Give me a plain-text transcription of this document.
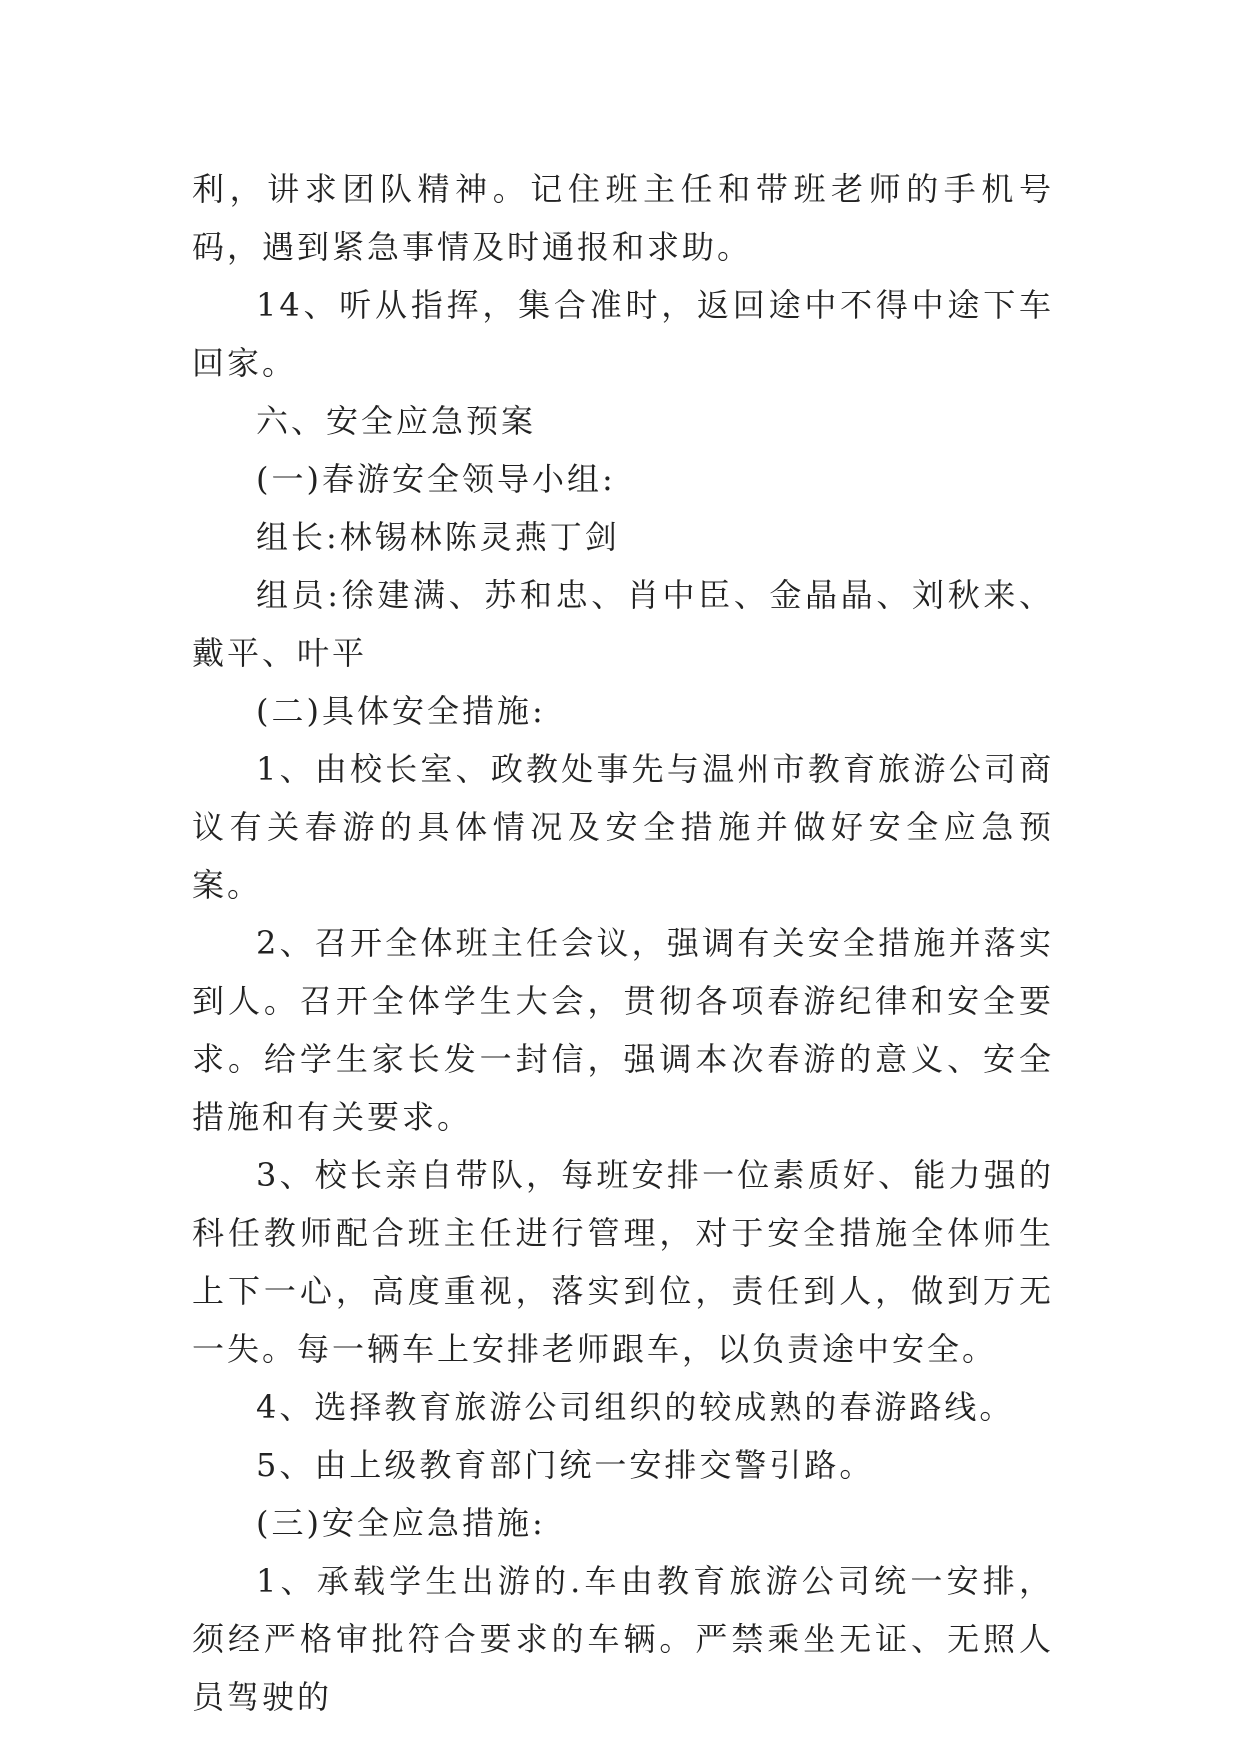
利，讲求团队精神。记住班主任和带班老师的手机号码，遇到紧急事情及时通报和求助。

14、听从指挥，集合准时，返回途中不得中途下车回家。

六、安全应急预案

(一)春游安全领导小组:

组长:林锡林陈灵燕丁剑

组员:徐建满、苏和忠、肖中臣、金晶晶、刘秋来、戴平、叶平

(二)具体安全措施:

1、由校长室、政教处事先与温州市教育旅游公司商议有关春游的具体情况及安全措施并做好安全应急预案。

2、召开全体班主任会议，强调有关安全措施并落实到人。召开全体学生大会，贯彻各项春游纪律和安全要求。给学生家长发一封信，强调本次春游的意义、安全措施和有关要求。

3、校长亲自带队，每班安排一位素质好、能力强的科任教师配合班主任进行管理，对于安全措施全体师生上下一心，高度重视，落实到位，责任到人，做到万无一失。每一辆车上安排老师跟车，以负责途中安全。

4、选择教育旅游公司组织的较成熟的春游路线。

5、由上级教育部门统一安排交警引路。

(三)安全应急措施:

1、承载学生出游的.车由教育旅游公司统一安排，须经严格审批符合要求的车辆。严禁乘坐无证、无照人员驾驶的
